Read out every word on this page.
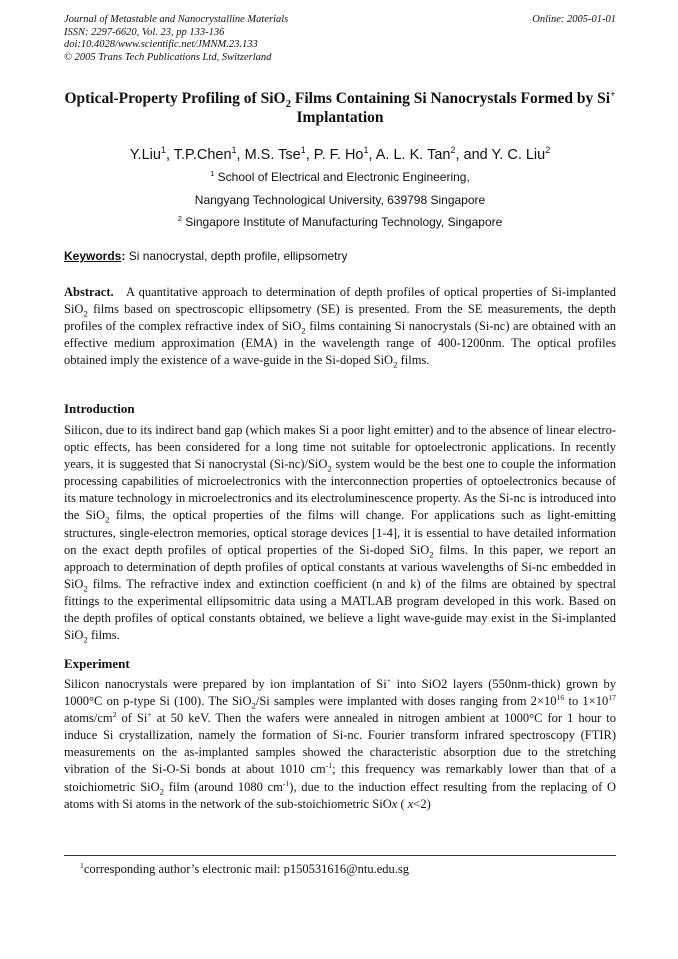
Journal of Metastable and Nanocrystalline Materials
ISSN: 2297-6620, Vol. 23, pp 133-136
doi:10.4028/www.scientific.net/JMNM.23.133
© 2005 Trans Tech Publications Ltd, Switzerland
Online: 2005-01-01
Optical-Property Profiling of SiO$_2$ Films Containing Si Nanocrystals Formed by Si+ Implantation
Y.Liu$^1$, T.P.Chen$^1$, M.S. Tse$^1$, P. F. Ho$^1$, A. L. K. Tan$^2$, and Y. C. Liu$^2$
$^1$ School of Electrical and Electronic Engineering,
Nangyang Technological University, 639798 Singapore
$^2$ Singapore Institute of Manufacturing Technology, Singapore
Keywords: Si nanocrystal, depth profile, ellipsometry
Abstract. A quantitative approach to determination of depth profiles of optical properties of Si-implanted SiO$_2$ films based on spectroscopic ellipsometry (SE) is presented. From the SE measurements, the depth profiles of the complex refractive index of SiO$_2$ films containing Si nanocrystals (Si-nc) are obtained with an effective medium approximation (EMA) in the wavelength range of 400-1200nm. The optical profiles obtained imply the existence of a wave-guide in the Si-doped SiO$_2$ films.
Introduction
Silicon, due to its indirect band gap (which makes Si a poor light emitter) and to the absence of linear electro-optic effects, has been considered for a long time not suitable for optoelectronic applications. In recently years, it is suggested that Si nanocrystal (Si-nc)/SiO$_2$ system would be the best one to couple the information processing capabilities of microelectronics with the interconnection properties of optoelectronics because of its mature technology in microelectronics and its electroluminescence property. As the Si-nc is introduced into the SiO$_2$ films, the optical properties of the films will change. For applications such as light-emitting structures, single-electron memories, optical storage devices [1-4], it is essential to have detailed information on the exact depth profiles of optical properties of the Si-doped SiO$_2$ films. In this paper, we report an approach to determination of depth profiles of optical constants at various wavelengths of Si-nc embedded in SiO$_2$ films. The refractive index and extinction coefficient (n and k) of the films are obtained by spectral fittings to the experimental ellipsomitric data using a MATLAB program developed in this work. Based on the depth profiles of optical constants obtained, we believe a light wave-guide may exist in the Si-implanted SiO$_2$ films.
Experiment
Silicon nanocrystals were prepared by ion implantation of Si+ into SiO2 layers (550nm-thick) grown by 1000°C on p-type Si (100). The SiO$_2$/Si samples were implanted with doses ranging from $2\times 10^{16}$ to $1\times 10^{17}$ atoms/$cm^2$ of Si+ at 50 keV. Then the wafers were annealed in nitrogen ambient at 1000°C for 1 hour to induce Si crystallization, namely the formation of Si-nc. Fourier transform infrared spectroscopy (FTIR) measurements on the as-implanted samples showed the characteristic absorption due to the stretching vibration of the Si-O-Si bonds at about 1010 $cm^{-1}$; this frequency was remarkably lower than that of a stoichiometric SiO$_2$ film (around 1080 $cm^{-1}$), due to the induction effect resulting from the replacing of O atoms with Si atoms in the network of the sub-stoichiometric SiOx ( x<2)
$^1$corresponding author’s electronic mail: p150531616@ntu.edu.sg
